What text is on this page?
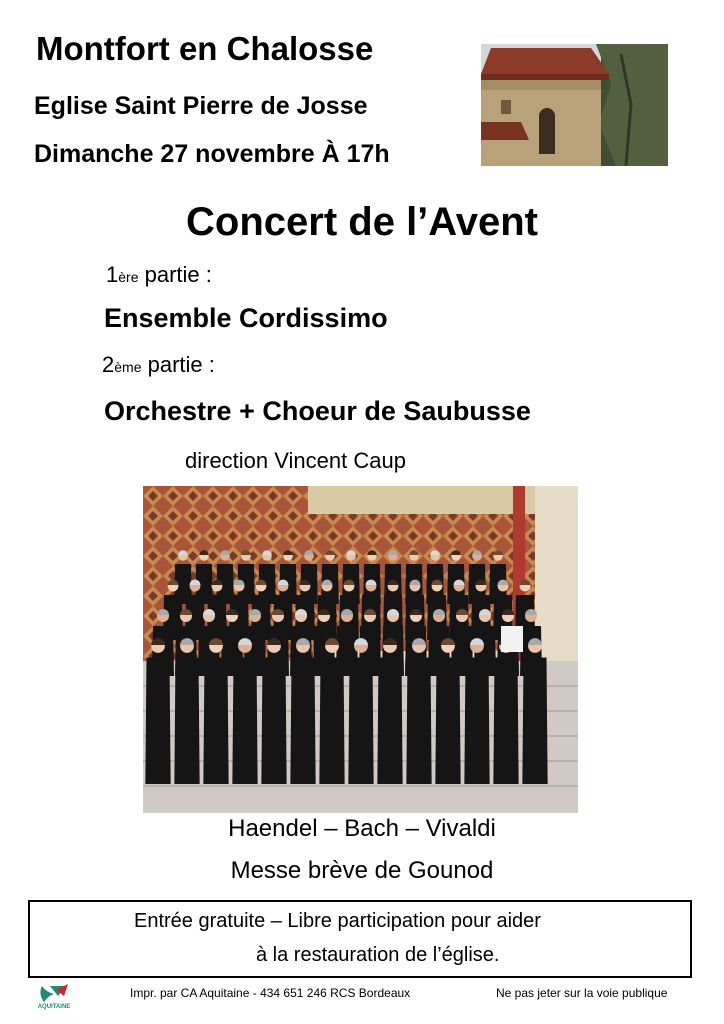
Montfort en Chalosse
Eglise Saint Pierre de Josse
Dimanche 27 novembre À 17h
Concert de l’Avent
1ère partie :
Ensemble Cordissimo
2ème partie :
Orchestre + Choeur de Saubusse
direction Vincent Caup
Haendel – Bach – Vivaldi
Messe brève de Gounod
Entrée gratuite – Libre participation pour aider
à la restauration de l’église.
AQUITAINE
Impr. par CA Aquitaine - 434 651 246 RCS Bordeaux	Ne pas jeter sur la voie publique
